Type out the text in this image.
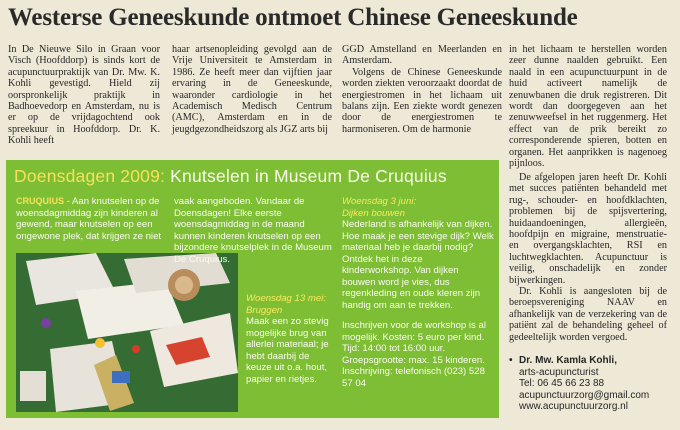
Westerse Geneeskunde ontmoet Chinese Geneeskunde

In De Nieuwe Silo in Graan voor Visch (Hoofddorp) is sinds kort de acupunctuurpraktijk van Dr. Mw. K. Kohli gevestigd. Hield zij oorspronkelijk praktijk in Badhoevedorp en Amsterdam, nu is er op de vrijdagochtend ook spreekuur in Hoofddorp. Dr. K. Kohli heeft

haar artsenopleiding gevolgd aan de Vrije Universiteit te Amsterdam in 1986. Ze heeft meer dan vijftien jaar ervaring in de Geneeskunde, waaronder cardiologie in het Academisch Medisch Centrum (AMC), Amsterdam en in de jeugdgezondheidszorg als JGZ arts bij

GGD Amstelland en Meerlanden en Amsterdam.

Volgens de Chinese Geneeskunde worden ziekten veroorzaakt doordat de energiestromen in het lichaam uit balans zijn. Een ziekte wordt genezen door de energiestromen te harmoniseren. Om de harmonie

in het lichaam te herstellen worden zeer dunne naalden gebruikt. Een naald in een acupunctuurpunt in de huid activeert namelijk de zenuwbanen die druk registreren. Dit wordt dan doorgegeven aan het zenuwweefsel in het ruggenmerg. Het effect van de prik bereikt zo corresponderende spieren, botten en organen. Het aanprikken is nagenoeg pijnloos.

De afgelopen jaren heeft Dr. Kohli met succes patiënten behandeld met rug-, schouder- en hoofdklachten, problemen bij de spijsvertering, huidaandoeningen, allergieën, hoofdpijn en migraine, menstruatie- en overgangsklachten, RSI en luchtwegklachten. Acupunctuur is veilig, onschadelijk en zonder bijwerkingen.

Dr. Kohli is aangesloten bij de beroepsvereniging NAAV en afhankelijk van de verzekering van de patiënt zal de behandeling geheel of gedeeltelijk worden vergoed.

• Dr. Mw. Kamla Kohli,
arts-acupuncturist
Tel: 06 45 66 23 88
acupunctuurzorg@gmail.com
www.acupunctuurzorg.nl
Doensdagen 2009: Knutselen in Museum De Cruquius
CRUQUIUS - Aan knutselen op de woensdagmiddag zijn kinderen al gewend, maar knutselen op een ongewone plek, dat krijgen ze niet
vaak aangeboden. Vandaar de Doensdagen! Elke eerste woensdagmiddag in de maand kunnen kinderen knutselen op een bijzondere knutselplek in de Museum De Cruquius.
Woensdag 13 mei:
Bruggen
Maak een zo stevig mogelijke brug van allerlei materiaal; je hebt daarbij de keuze uit o.a. hout, papier en rietjes.
Woensdag 3 juni:
Dijken bouwen

Nederland is afhankelijk van dijken. Hoe maak je een stevige dijk? Welk materiaal heb je daarbij nodig? Ontdek het in deze kinderworkshop. Van dijken bouwen word je vies, dus regenkleding en oude kleren zijn handig om aan te trekken.

Inschrijven voor de workshop is al mogelijk. Kosten: 5 euro per kind. Tijd: 14:00 tot 16:00 uur. Groepsgrootte: max. 15 kinderen. Inschrijving: telefonisch (023) 528 57 04
